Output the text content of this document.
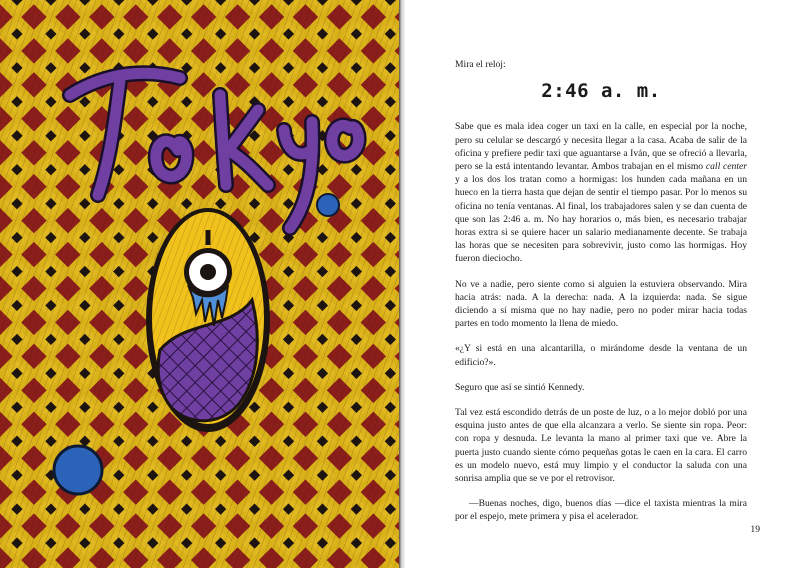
Mira el reloj:

2:46 a. m.

Sabe que es mala idea coger un taxi en la calle, en especial por la noche, pero su celular se descargó y necesita llegar a la casa. Acaba de salir de la oficina y prefiere pedir taxi que aguantarse a Iván, que se ofreció a llevarla, pero se la está intentando levantar. Ambos trabajan en el mismo call center y a los dos los tratan como a hormigas: los hunden cada mañana en un hueco en la tierra hasta que dejan de sentir el tiempo pasar. Por lo menos su oficina no tenía ventanas. Al final, los trabajadores salen y se dan cuenta de que son las 2:46 a. m. No hay horarios o, más bien, es necesario trabajar horas extra si se quiere hacer un salario medianamente decente. Se trabaja las horas que se necesiten para sobrevivir, justo como las hormigas. Hoy fueron dieciocho.

No ve a nadie, pero siente como si alguien la estuviera observando. Mira hacia atrás: nada. A la derecha: nada. A la izquierda: nada. Se sigue diciendo a sí misma que no hay nadie, pero no poder mirar hacia todas partes en todo momento la llena de miedo.

«¿Y si está en una alcantarilla, o mirándome desde la ventana de un edificio?».

Seguro que así se sintió Kennedy.

Tal vez está escondido detrás de un poste de luz, o a lo mejor dobló por una esquina justo antes de que ella alcanzara a verlo. Se siente sin ropa. Peor: con ropa y desnuda. Le levanta la mano al primer taxi que ve. Abre la puerta justo cuando siente cómo pequeñas gotas le caen en la cara. El carro es un modelo nuevo, está muy limpio y el conductor la saluda con una sonrisa amplia que se ve por el retrovisor.

—Buenas noches, digo, buenos días —dice el taxista mientras la mira por el espejo, mete primera y pisa el acelerador.

19
